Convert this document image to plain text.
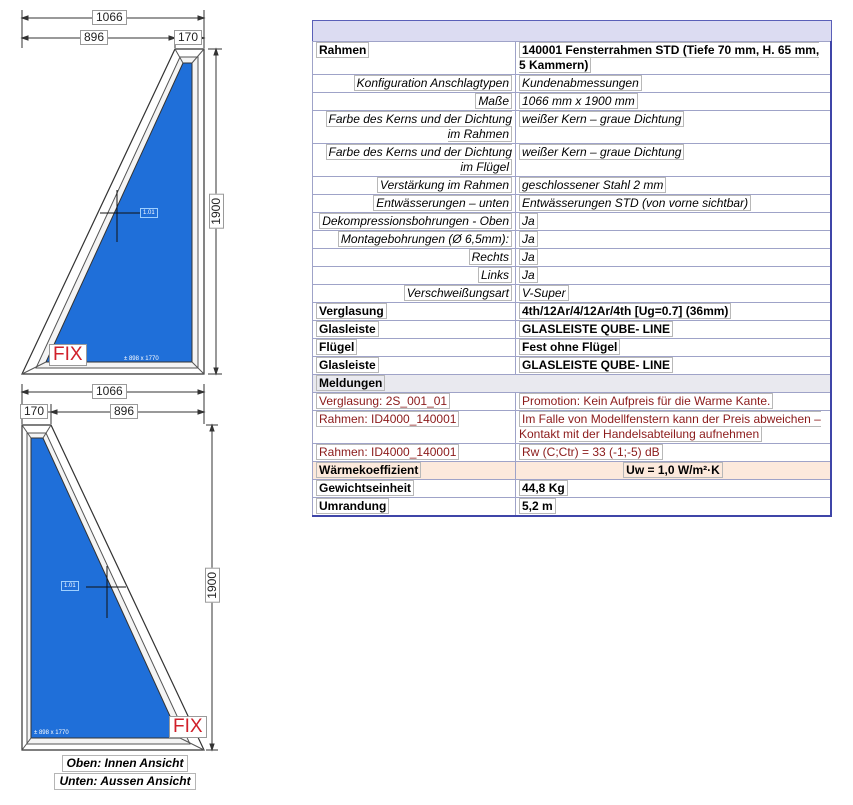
1066
896	170
1900
1.01
± 898 x 1770
FIX
1066
170	896
1900
1.01
± 898 x 1770	FIX
Oben: Innen Ansicht
Unten: Aussen Ansicht
Rahmen	140001 Fensterrahmen STD (Tiefe 70 mm, H. 65 mm, 5 Kammern)
Konfiguration Anschlagtypen	Kundenabmessungen
Maße	1066 mm x 1900 mm
Farbe des Kerns und der Dichtung im Rahmen	weißer Kern – graue Dichtung
Farbe des Kerns und der Dichtung im Flügel	weißer Kern – graue Dichtung
Verstärkung im Rahmen	geschlossener Stahl 2 mm
Entwässerungen – unten	Entwässerungen STD (von vorne sichtbar)
Dekompressionsbohrungen - Oben	Ja
Montagebohrungen (Ø 6,5mm):	Ja
Rechts	Ja
Links	Ja
Verschweißungsart	V-Super
Verglasung	4th/12Ar/4/12Ar/4th [Ug=0.7] (36mm)
Glasleiste	GLASLEISTE QUBE- LINE
Flügel	Fest ohne Flügel
Glasleiste	GLASLEISTE QUBE- LINE
Meldungen	
Verglasung: 2S_001_01	Promotion: Kein Aufpreis für die Warme Kante.
Rahmen: ID4000_140001	Im Falle von Modellfenstern kann der Preis abweichen – Kontakt mit der Handelsabteilung aufnehmen
Rahmen: ID4000_140001	Rw (C;Ctr) = 33 (-1;-5) dB
Wärmekoeffizient	Uw = 1,0 W/m²·K
Gewichtseinheit	44,8 Kg
Umrandung	5,2 m
